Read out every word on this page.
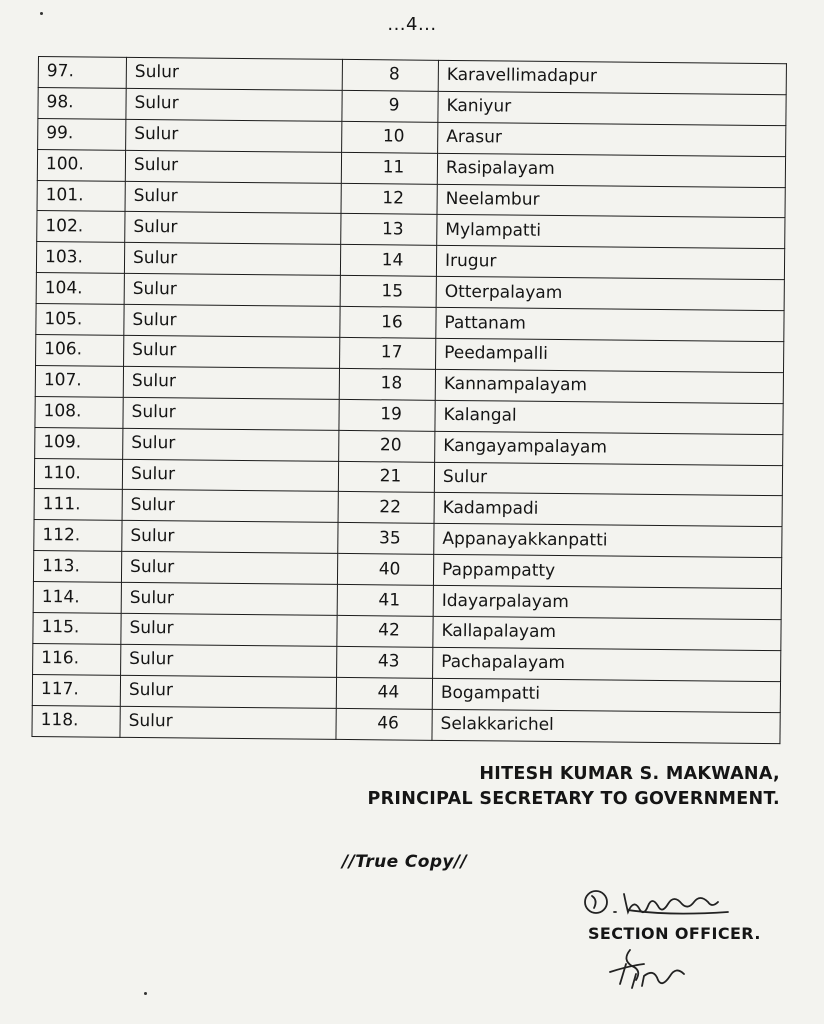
...4...
97.	Sulur	8	Karavellimadapur
98.	Sulur	9	Kaniyur
99.	Sulur	10	Arasur
100.	Sulur	11	Rasipalayam
101.	Sulur	12	Neelambur
102.	Sulur	13	Mylampatti
103.	Sulur	14	Irugur
104.	Sulur	15	Otterpalayam
105.	Sulur	16	Pattanam
106.	Sulur	17	Peedampalli
107.	Sulur	18	Kannampalayam
108.	Sulur	19	Kalangal
109.	Sulur	20	Kangayampalayam
110.	Sulur	21	Sulur
111.	Sulur	22	Kadampadi
112.	Sulur	35	Appanayakkanpatti
113.	Sulur	40	Pappampatty
114.	Sulur	41	Idayarpalayam
115.	Sulur	42	Kallapalayam
116.	Sulur	43	Pachapalayam
117.	Sulur	44	Bogampatti
118.	Sulur	46	Selakkarichel
HITESH KUMAR S. MAKWANA,
PRINCIPAL SECRETARY TO GOVERNMENT.
//True Copy//
SECTION OFFICER.
